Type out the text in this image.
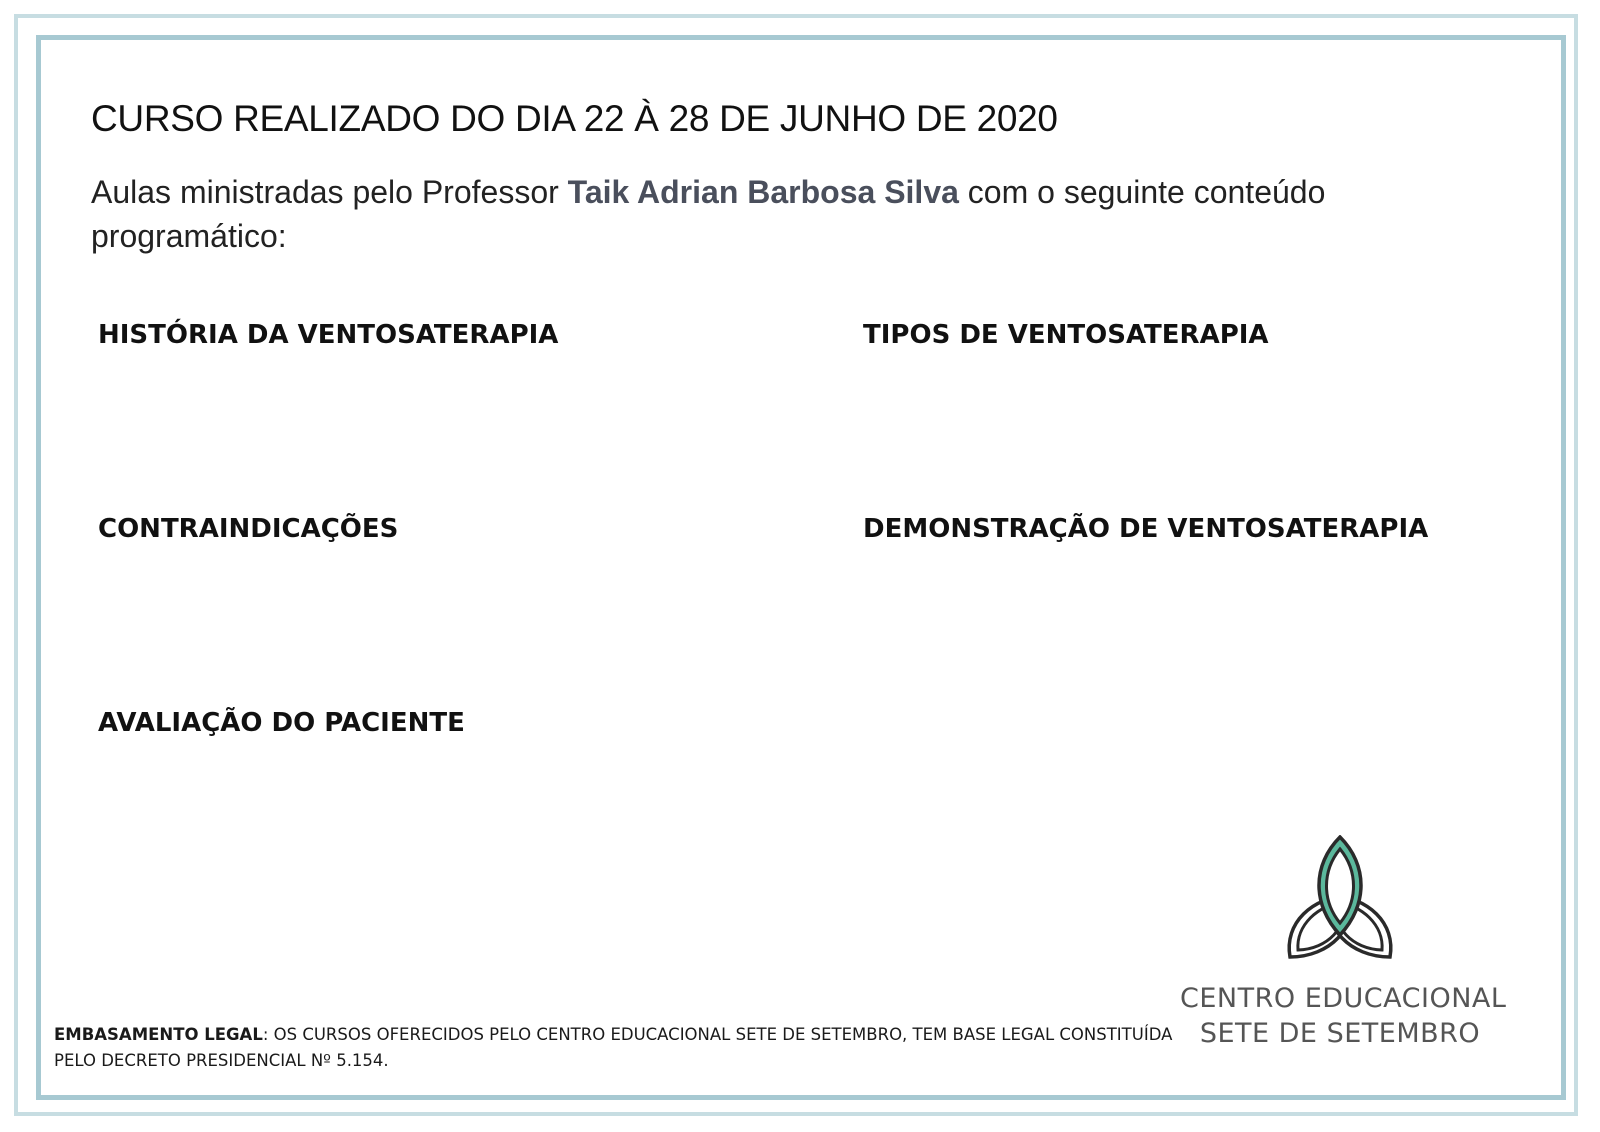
CURSO REALIZADO DO DIA 22 À 28 DE JUNHO DE 2020

Aulas ministradas pelo Professor Taik Adrian Barbosa Silva com o seguinte conteúdo programático:

HISTÓRIA DA VENTOSATERAPIA	TIPOS DE VENTOSATERAPIA
CONTRAINDICAÇÕES	DEMONSTRAÇÃO DE VENTOSATERAPIA
AVALIAÇÃO DO PACIENTE

EMBASAMENTO LEGAL: OS CURSOS OFERECIDOS PELO CENTRO EDUCACIONAL SETE DE SETEMBRO, TEM BASE LEGAL CONSTITUÍDA PELO DECRETO PRESIDENCIAL Nº 5.154.

CENTRO EDUCACIONAL
SETE DE SETEMBRO
